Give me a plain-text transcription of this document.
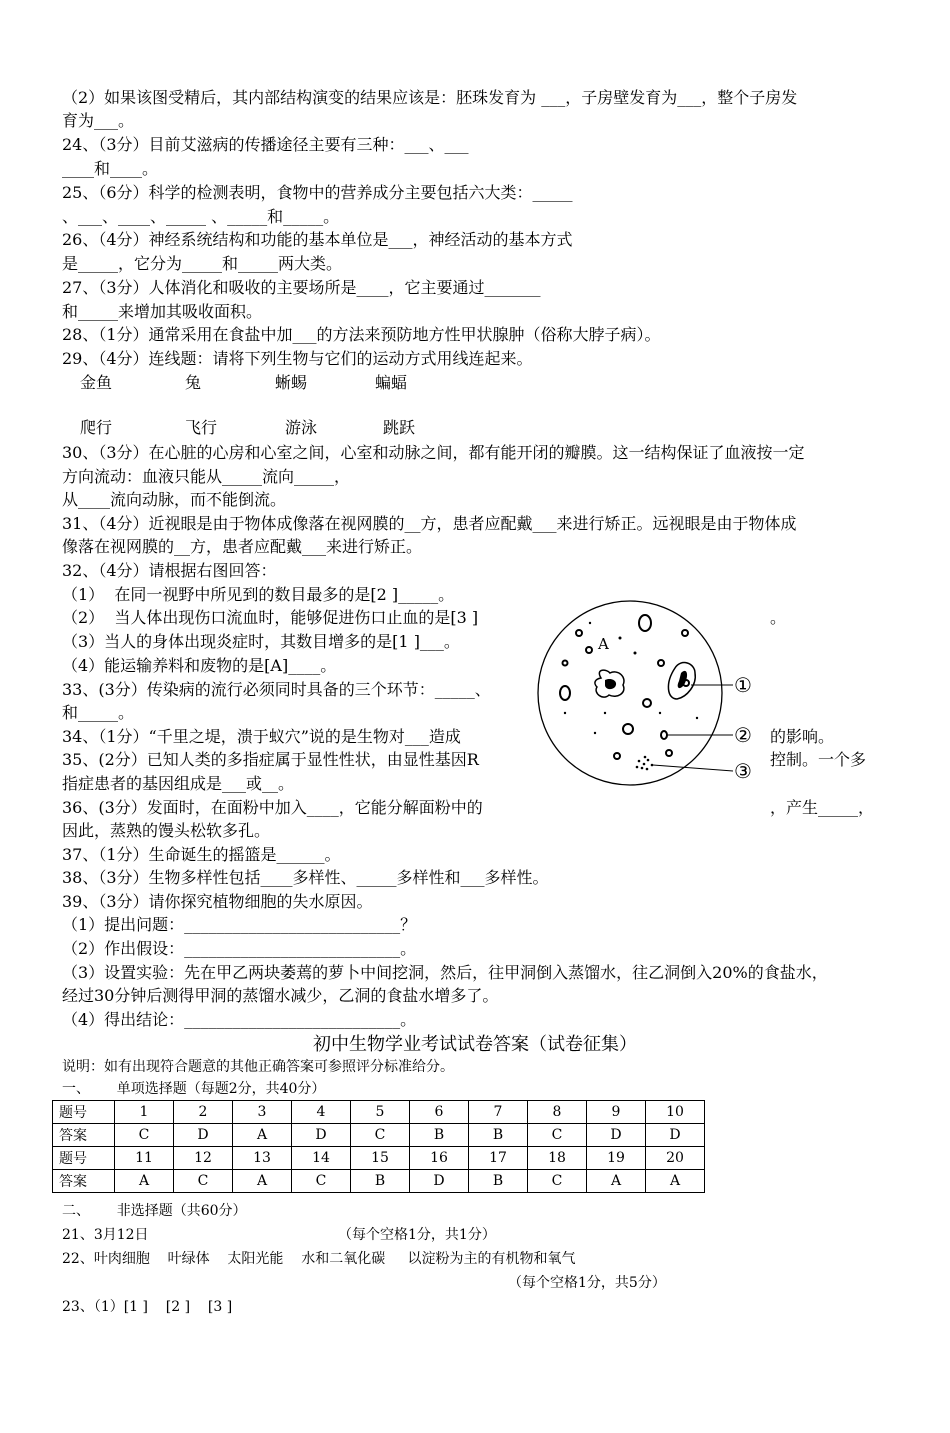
（2）如果该图受精后，其内部结构演变的结果应该是：胚珠发育为 ___，子房壁发育为___，整个子房发
育为___。
24、（3分）目前艾滋病的传播途径主要有三种：___、___
____和____。
25、（6分）科学的检测表明，食物中的营养成分主要包括六大类：_____
、___、____、_____ 、_____和_____。
26、（4分）神经系统结构和功能的基本单位是___，神经活动的基本方式
是_____，它分为_____和_____两大类。
27、（3分）人体消化和吸收的主要场所是____，它主要通过_______
和_____来增加其吸收面积。
28、（1分）通常采用在食盐中加___的方法来预防地方性甲状腺肿（俗称大脖子病）。
29、（4分）连线题：请将下列生物与它们的运动方式用线连起来。
金鱼	兔	蜥蜴	蝙蝠
爬行	飞行	游泳	跳跃
30、（3分）在心脏的心房和心室之间，心室和动脉之间，都有能开闭的瓣膜。这一结构保证了血液按一定
方向流动：血液只能从_____流向_____，
从____流向动脉，而不能倒流。
31、（4分）近视眼是由于物体成像落在视网膜的__方，患者应配戴___来进行矫正。远视眼是由于物体成
像落在视网膜的__方，患者应配戴___来进行矫正。
32、（4分）请根据右图回答：
（1）  在同一视野中所见到的数目最多的是[2 ]_____。
（2）  当人体出现伤口流血时，能够促进伤口止血的是[3 ]	。
（3）当人的身体出现炎症时，其数目增多的是[1 ]___。
（4）能运输养料和废物的是[A]____。
33、(3分）传染病的流行必须同时具备的三个环节：_____、
和_____。
34、（1分）“千里之堤，溃于蚁穴”说的是生物对___造成	的影响。
35、(2分）已知人类的多指症属于显性性状，由显性基因R	控制。一个多
指症患者的基因组成是___或__。
36、(3分）发面时，在面粉中加入____，它能分解面粉中的	，产生_____，
因此，蒸熟的馒头松软多孔。
37、（1分）生命诞生的摇篮是______。
38、（3分）生物多样性包括____多样性、_____多样性和___多样性。
39、（3分）请你探究植物细胞的失水原因。
（1）提出问题：___________________________？
（2）作出假设：___________________________。
（3）设置实验：先在甲乙两块萎蔫的萝卜中间挖洞，然后，往甲洞倒入蒸馏水，往乙洞倒入20%的食盐水，
经过30分钟后测得甲洞的蒸馏水减少，乙洞的食盐水增多了。
（4）得出结论：___________________________。
A
①
②
③
初中生物学业考试试卷答案（试卷征集）
说明：如有出现符合题意的其他正确答案可参照评分标准给分。
一、      单项选择题（每题2分，共40分）
题号	1	2	3	4	5	6	7	8	9	10
答案	C	D	A	D	C	B	B	C	D	D
题号	11	12	13	14	15	16	17	18	19	20
答案	A	C	A	C	B	D	B	C	A	A
二、      非选择题（共60分）
21、3月12日	（每个空格1分，共1分）
22、叶肉细胞    叶绿体    太阳光能    水和二氧化碳     以淀粉为主的有机物和氧气
（每个空格1分，共5分）
23、（1）[1 ]    [2 ]    [3 ]
